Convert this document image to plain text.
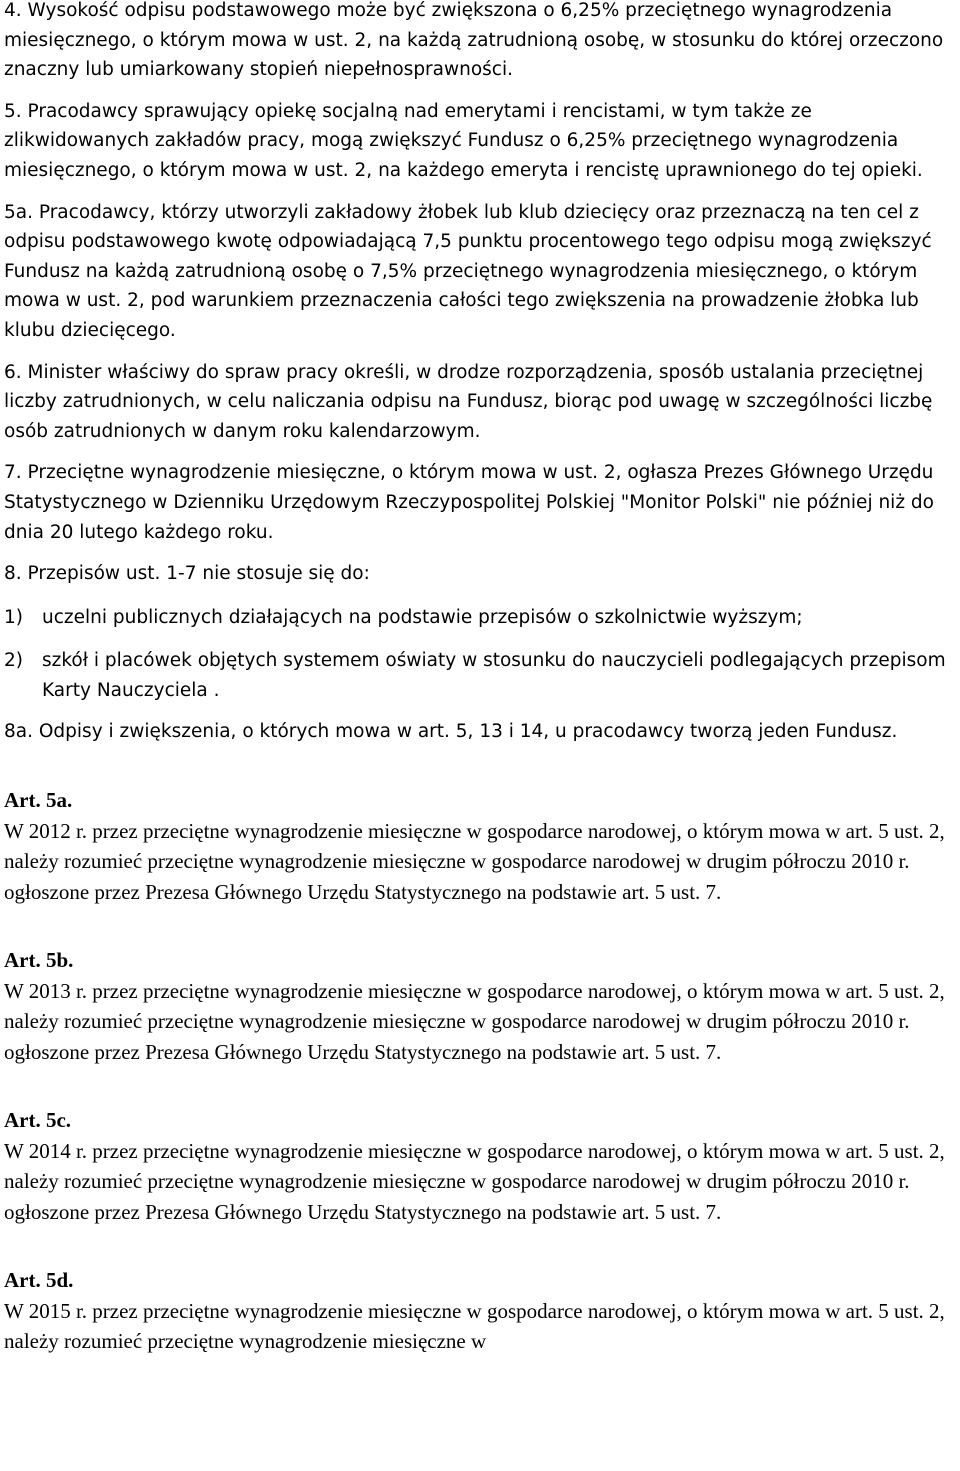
4. Wysokość odpisu podstawowego może być zwiększona o 6,25% przeciętnego wynagrodzenia miesięcznego, o którym mowa w ust. 2, na każdą zatrudnioną osobę, w stosunku do której orzeczono znaczny lub umiarkowany stopień niepełnosprawności.

5. Pracodawcy sprawujący opiekę socjalną nad emerytami i rencistami, w tym także ze zlikwidowanych zakładów pracy, mogą zwiększyć Fundusz o 6,25% przeciętnego wynagrodzenia miesięcznego, o którym mowa w ust. 2, na każdego emeryta i rencistę uprawnionego do tej opieki.

5a. Pracodawcy, którzy utworzyli zakładowy żłobek lub klub dziecięcy oraz przeznaczą na ten cel z odpisu podstawowego kwotę odpowiadającą 7,5 punktu procentowego tego odpisu mogą zwiększyć Fundusz na każdą zatrudnioną osobę o 7,5% przeciętnego wynagrodzenia miesięcznego, o którym mowa w ust. 2, pod warunkiem przeznaczenia całości tego zwiększenia na prowadzenie żłobka lub klubu dziecięcego.

6. Minister właściwy do spraw pracy określi, w drodze rozporządzenia, sposób ustalania przeciętnej liczby zatrudnionych, w celu naliczania odpisu na Fundusz, biorąc pod uwagę w szczególności liczbę osób zatrudnionych w danym roku kalendarzowym.

7. Przeciętne wynagrodzenie miesięczne, o którym mowa w ust. 2, ogłasza Prezes Głównego Urzędu Statystycznego w Dzienniku Urzędowym Rzeczypospolitej Polskiej "Monitor Polski" nie później niż do dnia 20 lutego każdego roku.

8. Przepisów ust. 1-7 nie stosuje się do:

1)	uczelni publicznych działających na podstawie przepisów o szkolnictwie wyższym;
2)	szkół i placówek objętych systemem oświaty w stosunku do nauczycieli podlegających przepisom Karty Nauczyciela .

8a. Odpisy i zwiększenia, o których mowa w art. 5, 13 i 14, u pracodawcy tworzą jeden Fundusz.

Art. 5a.
W 2012 r. przez przeciętne wynagrodzenie miesięczne w gospodarce narodowej, o którym mowa w art. 5 ust. 2, należy rozumieć przeciętne wynagrodzenie miesięczne w gospodarce narodowej w drugim półroczu 2010 r. ogłoszone przez Prezesa Głównego Urzędu Statystycznego na podstawie art. 5 ust. 7.
Art. 5b.
W 2013 r. przez przeciętne wynagrodzenie miesięczne w gospodarce narodowej, o którym mowa w art. 5 ust. 2, należy rozumieć przeciętne wynagrodzenie miesięczne w gospodarce narodowej w drugim półroczu 2010 r. ogłoszone przez Prezesa Głównego Urzędu Statystycznego na podstawie art. 5 ust. 7.
Art. 5c.
W 2014 r. przez przeciętne wynagrodzenie miesięczne w gospodarce narodowej, o którym mowa w art. 5 ust. 2, należy rozumieć przeciętne wynagrodzenie miesięczne w gospodarce narodowej w drugim półroczu 2010 r. ogłoszone przez Prezesa Głównego Urzędu Statystycznego na podstawie art. 5 ust. 7.
Art. 5d.
W 2015 r. przez przeciętne wynagrodzenie miesięczne w gospodarce narodowej, o którym mowa w art. 5 ust. 2, należy rozumieć przeciętne wynagrodzenie miesięczne w
